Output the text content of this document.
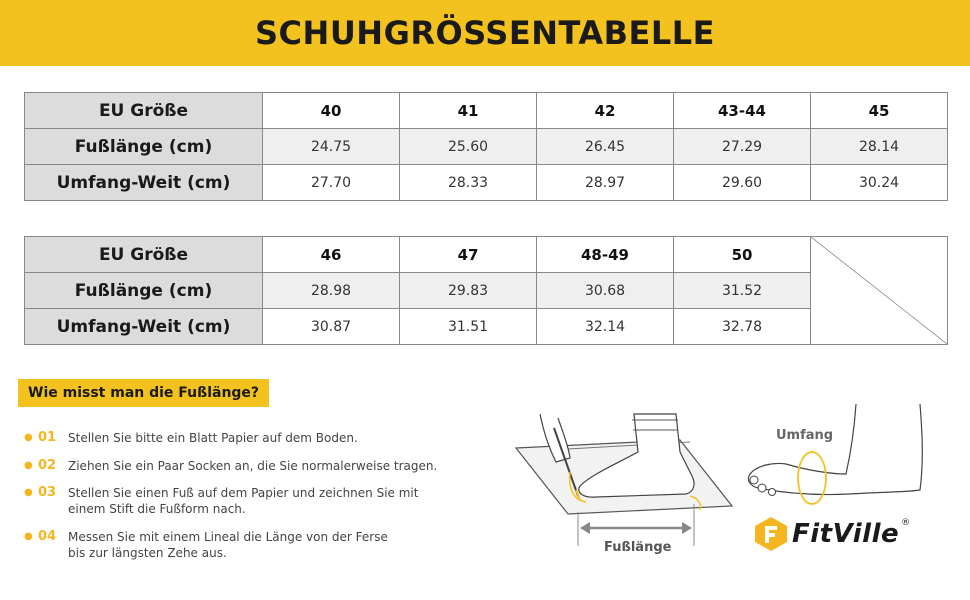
SCHUHGRÖSSENTABELLE
EU Größe	40	41	42	43-44	45
Fußlänge (cm)	24.75	25.60	26.45	27.29	28.14
Umfang-Weit (cm)	27.70	28.33	28.97	29.60	30.24
EU Größe	46	47	48-49	50	

Fußlänge (cm)	28.98	29.83	30.68	31.52	
Umfang-Weit (cm)	30.87	31.51	32.14	32.78	
Wie misst man die Fußlänge?
● 01 Stellen Sie bitte ein Blatt Papier auf dem Boden.
● 02 Ziehen Sie ein Paar Socken an, die Sie normalerweise tragen.
● 03 Stellen Sie einen Fuß auf dem Papier und zeichnen Sie mit einem Stift die Fußform nach.
● 04 Messen Sie mit einem Lineal die Länge von der Ferse bis zur längsten Zehe aus.	Fußlänge
Umfang
FitVille ®
